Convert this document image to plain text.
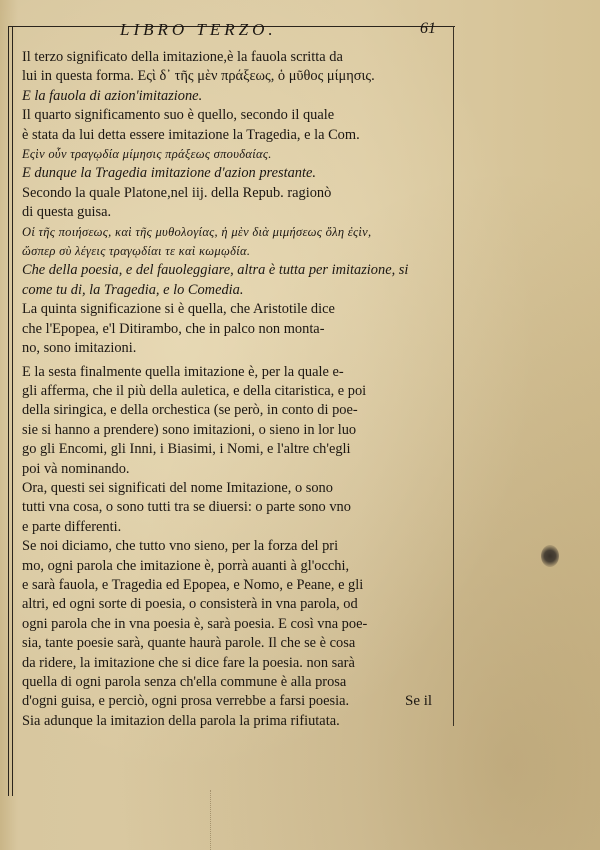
LIBRO TERZO.	61
Il terzo significato della imitazione,è la fauola scritta da
lui in questa forma. Εςὶ δ᾽ τῆς μὲν πράξεως, ὁ μῦθος μίμησις.
E la fauola di azion'imitazione.
Il quarto significamento suo è quello, secondo il quale
è stata da lui detta essere imitazione la Tragedia, e la Com.
Εςὶν οὖν τραγῳδία μίμησις πράξεως σπουδαίας.
E dunque la Tragedia imitazione d'azion prestante.
Secondo la quale Platone,nel iij. della Repub. ragionò
di questa guisa.
Οἱ τῆς ποιήσεως, καὶ τῆς μυθολογίας, ἡ μὲν διὰ μιμήσεως ὅλη ἐςὶν,
ὥσπερ σὺ λέγεις τραγῳδίαι τε καὶ κωμῳδία.
Che della poesia, e del fauoleggiare, altra è tutta per imitazione, si
come tu di, la Tragedia, e lo Comedia.
La quinta significazione si è quella, che Aristotile dice
che l'Epopea, e'l Ditirambo, che in palco non monta-
no, sono imitazioni.
E la sesta finalmente quella imitazione è, per la quale e-
gli afferma, che il più della auletica, e della citaristica, e poi
della siringica, e della orchestica (se però, in conto di poe-
sie si hanno a prendere) sono imitazioni, o sieno in lor luo
go gli Encomi, gli Inni, i Biasimi, i Nomi, e l'altre ch'egli
poi và nominando.
Ora, questi sei significati del nome Imitazione, o sono
tutti vna cosa, o sono tutti tra se diuersi: o parte sono vno
e parte differenti.
Se noi diciamo, che tutto vno sieno, per la forza del pri
mo, ogni parola che imitazione è, porrà auanti à gl'occhi,
e sarà fauola, e Tragedia ed Epopea, e Nomo, e Peane, e gli
altri, ed ogni sorte di poesia, o consisterà in vna parola, od
ogni parola che in vna poesia è, sarà poesia. E così vna poe-
sia, tante poesie sarà, quante haurà parole. Il che se è cosa
da ridere, la imitazione che si dice fare la poesia. non sarà
quella di ogni parola senza ch'ella commune è alla prosa
d'ogni guisa, e perciò, ogni prosa verrebbe a farsi poesia.
Sia adunque la imitazion della parola la prima rifiutata.
Se il
